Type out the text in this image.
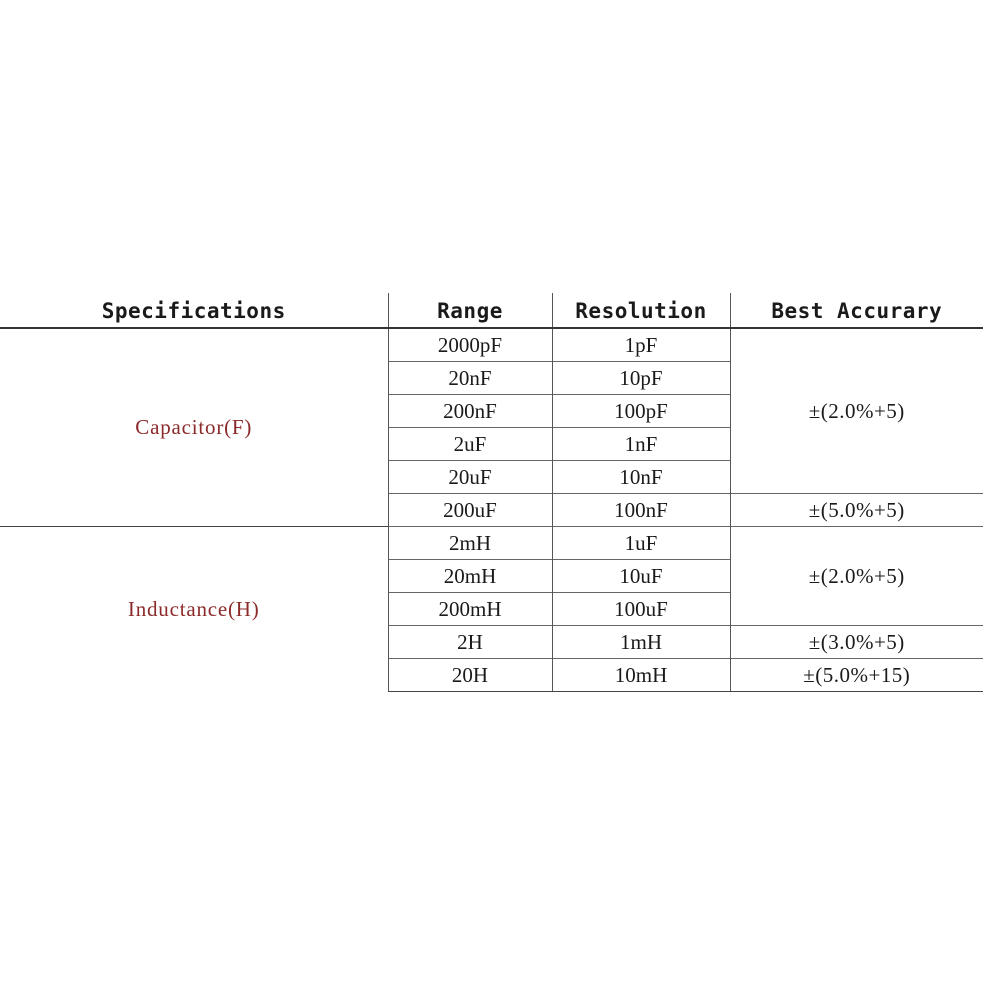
Specifications	Range	Resolution	Best Accurary
Capacitor(F)	2000pF	1pF	±(2.0%+5)
	20nF	10pF	
	200nF	100pF	
	2uF	1nF	
	20uF	10nF	
	200uF	100nF	±(5.0%+5)
Inductance(H)	2mH	1uF	±(2.0%+5)
	20mH	10uF	
	200mH	100uF	
	2H	1mH	±(3.0%+5)
	20H	10mH	±(5.0%+15)
